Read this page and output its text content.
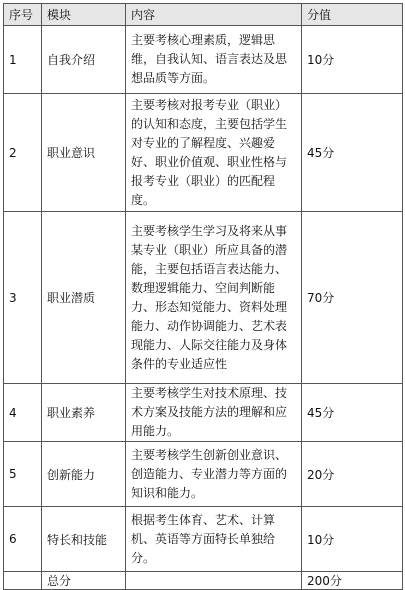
序号	模块	内容	分值
1	自我介绍	主要考核心理素质，逻辑思维，自我认知、语言表达及思想品质等方面。	10分
2	职业意识	主要考核对报考专业（职业）的认知和态度，主要包括学生对专业的了解程度、兴趣爱好、职业价值观、职业性格与报考专业（职业）的匹配程度。	45分
3	职业潜质	主要考核学生学习及将来从事某专业（职业）所应具备的潜能，主要包括语言表达能力、数理逻辑能力、空间判断能力、形态知觉能力、资料处理能力、动作协调能力、艺术表现能力、人际交往能力及身体条件的专业适应性	70分
4	职业素养	主要考核学生对技术原理、技术方案及技能方法的理解和应用能力。	45分
5	创新能力	主要考核学生创新创业意识、创造能力、专业潜力等方面的知识和能力。	20分
6	特长和技能	根据考生体育、艺术、计算机、英语等方面特长单独给分。	10分
	总分		200分
